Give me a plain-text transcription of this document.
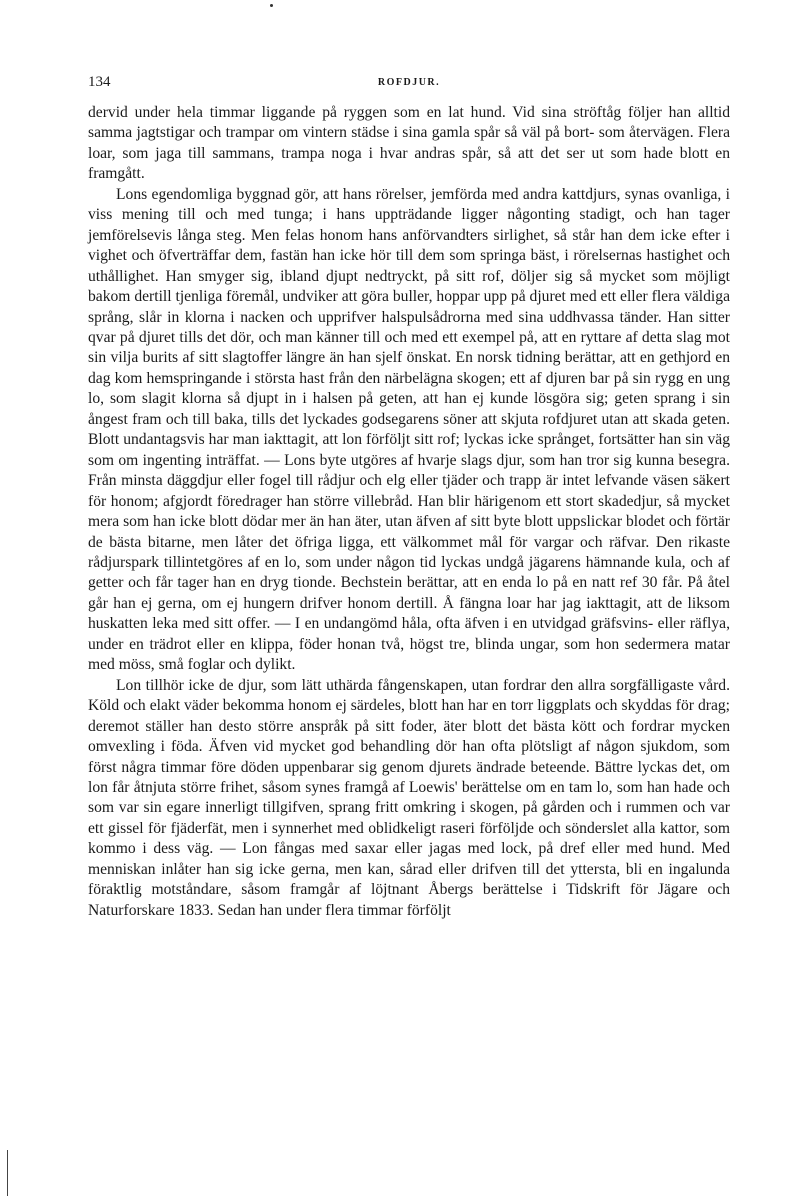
134	ROFDJUR.

dervid under hela timmar liggande på ryggen som en lat hund. Vid sina ströftåg följer han alltid samma jagtstigar och trampar om vintern städse i sina gamla spår så väl på bort- som återvägen. Flera loar, som jaga till sammans, trampa noga i hvar andras spår, så att det ser ut som hade blott en framgått.

Lons egendomliga byggnad gör, att hans rörelser, jemförda med andra kattdjurs, synas ovanliga, i viss mening till och med tunga; i hans uppträdande ligger någonting stadigt, och han tager jemförelsevis långa steg. Men felas honom hans anförvandters sirlighet, så står han dem icke efter i vighet och öfverträffar dem, fastän han icke hör till dem som springa bäst, i rörelsernas hastighet och uthållighet. Han smyger sig, ibland djupt nedtryckt, på sitt rof, döljer sig så mycket som möjligt bakom dertill tjenliga föremål, undviker att göra buller, hoppar upp på djuret med ett eller flera väldiga språng, slår in klorna i nacken och upprifver halspulsådrorna med sina uddhvassa tänder. Han sitter qvar på djuret tills det dör, och man känner till och med ett exempel på, att en ryttare af detta slag mot sin vilja burits af sitt slagtoffer längre än han sjelf önskat. En norsk tidning berättar, att en gethjord en dag kom hemspringande i största hast från den närbelägna skogen; ett af djuren bar på sin rygg en ung lo, som slagit klorna så djupt in i halsen på geten, att han ej kunde lösgöra sig; geten sprang i sin ångest fram och till baka, tills det lyckades godsegarens söner att skjuta rofdjuret utan att skada geten. Blott undantagsvis har man iakttagit, att lon förföljt sitt rof; lyckas icke språnget, fortsätter han sin väg som om ingenting inträffat. — Lons byte utgöres af hvarje slags djur, som han tror sig kunna besegra. Från minsta däggdjur eller fogel till rådjur och elg eller tjäder och trapp är intet lefvande väsen säkert för honom; afgjordt föredrager han större villebråd. Han blir härigenom ett stort skadedjur, så mycket mera som han icke blott dödar mer än han äter, utan äfven af sitt byte blott uppslickar blodet och förtär de bästa bitarne, men låter det öfriga ligga, ett välkommet mål för vargar och räfvar. Den rikaste rådjurspark tillintetgöres af en lo, som under någon tid lyckas undgå jägarens hämnande kula, och af getter och får tager han en dryg tionde. Bechstein berättar, att en enda lo på en natt ref 30 får. På åtel går han ej gerna, om ej hungern drifver honom dertill. Å fängna loar har jag iakttagit, att de liksom huskatten leka med sitt offer. — I en undangömd håla, ofta äfven i en utvidgad gräfsvins- eller räflya, under en trädrot eller en klippa, föder honan två, högst tre, blinda ungar, som hon sedermera matar med möss, små foglar och dylikt.

Lon tillhör icke de djur, som lätt uthärda fångenskapen, utan fordrar den allra sorgfälligaste vård. Köld och elakt väder bekomma honom ej särdeles, blott han har en torr liggplats och skyddas för drag; deremot ställer han desto större anspråk på sitt foder, äter blott det bästa kött och fordrar mycken omvexling i föda. Äfven vid mycket god behandling dör han ofta plötsligt af någon sjukdom, som först några timmar före döden uppenbarar sig genom djurets ändrade beteende. Bättre lyckas det, om lon får åtnjuta större frihet, såsom synes framgå af Loewis' berättelse om en tam lo, som han hade och som var sin egare innerligt tillgifven, sprang fritt omkring i skogen, på gården och i rummen och var ett gissel för fjäderfät, men i synnerhet med oblidkeligt raseri förföljde och sönderslet alla kattor, som kommo i dess väg. — Lon fångas med saxar eller jagas med lock, på dref eller med hund. Med menniskan inlåter han sig icke gerna, men kan, sårad eller drifven till det yttersta, bli en ingalunda föraktlig motståndare, såsom framgår af löjtnant Åbergs berättelse i Tidskrift för Jägare och Naturforskare 1833. Sedan han under flera timmar förföljt
